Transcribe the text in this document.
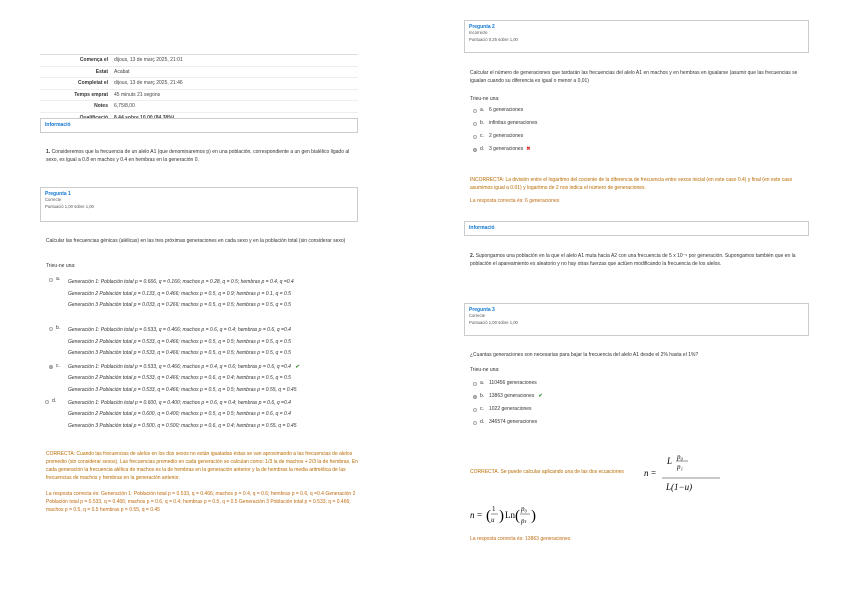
Comença el	dijous, 13 de març 2025, 21:01
Estat	Acabat
Completat el	dijous, 13 de març 2025, 21:46
Temps emprat	45 minuts 21 segons
Notes	6,75/8,00
Informació
1. Consideremos que la frecuencia de un alelo A1 (que denominaremos p) en una población, correspondiente a un gen bialélico ligado al sexo, es igual a 0.8 en machos y 0.4 en hembras en la generación 0.
Pregunta 1
Correcte
Puntuació 1,00 sobre 1,00
Calcular las frecuencias génicas (alélicas) en las tres próximas generaciones en cada sexo y en la población total (sin considerar sexo)
Trieu-ne una:
a.	Generación 1: Población total p = 0.666, q = 0.166; machos p = 0.28, q = 0.5; hembras p = 0.4, q =0.4
Generación 2 Población total p = 0.133, q = 0.466; machos p = 0.5, q = 0.9; hembras p = 0.1, q = 0.5
Generación 3 Población total p = 0.033, q = 0.266; machos p = 0.5, q = 0.5; hembras p = 0.5, q = 0.5
b.	Generación 1: Población total p = 0.533, q = 0.466; machos p = 0.6, q = 0.4; hembras p = 0.6, q =0.4
Generación 2 Población total p = 0.533, q = 0.466; machos p = 0.5, q = 0.5; hembras p = 0.5, q = 0.5
Generación 3 Población total p = 0.533, q = 0.466; machos p = 0.5, q = 0.5; hembras p = 0.5, q = 0.5
c.	Generación 1: Población total p = 0.533, q = 0.466; machos p = 0.4, q = 0.6; hembras p = 0.6, q =0.4 ✔
Generación 2 Población total p = 0.533, q = 0.466; machos p = 0.6, q = 0.4; hembras p = 0.5, q = 0.5
Generación 3 Población total p = 0.533, q = 0.466; machos p = 0.5, q = 0.5; hembras p = 0.55, q = 0.45
d.	Generación 1: Población total p = 0.600, q = 0.400; machos p = 0.6, q = 0.4; hembras p = 0.6, q =0.4
Generación 2 Población total p = 0.600, q = 0.400; machos p = 0.5, q = 0.5; hembras p = 0.6, q = 0.4
Generación 3 Población total p = 0.500, q = 0.500; machos p = 0.6, q = 0.4; hembras p = 0.55, q = 0.45
CORRECTA: Cuando las frecuencias de alelos en los dos sexos no están igualadas éstas se van aproximando a las frecuencias de alelos promedio (sin considerar sexos). Las frecuencias promedio en cada generación se calculan como: 1/3 la de machos + 2/3 la de hembras. En cada generación la frecuencia alélica de machos es la de hembras en la generación anterior y la de hembras la media aritmética de las frecuencias de machos y hembras en la generación anterior.
La resposta correcta és: Generación 1: Población total p = 0.533, q = 0.466; machos p = 0.4, q = 0.6; hembras p = 0.6, q =0.4 Generación 2 Población total p = 0.533, q = 0.466; machos p = 0.6, q = 0.4; hembras p = 0.5, q = 0.5 Generación 3 Población total p = 0.533, q = 0.466; machos p = 0.5, q = 0.5 hembras p = 0.55, q = 0.45
Pregunta 2
Incorrecte
Puntuació 0,25 sobre 1,00
Calcular el número de generaciones que tardarán las frecuencias del alelo A1 en machos y en hembras en igualarse (asumir que las frecuencias se igualan cuando su diferencia es igual o menor a 0,01)
Trieu-ne una:
a. 6 generaciones
b. infinitas generaciones
c.	2 generaciones
d. 3 generaciones ✖
INCORRECTA: La división entre el logaritmo del cociente de la diferencia de frecuencia entre sexos inicial (en este caso 0.4) y final (en este caso asumimos igual a 0.01) y logaritmo de 2 nos indica el número de generaciones.
La resposta correcta és: 6 generaciones
Informació
2. Supongamos una población en la que el alelo A1 muta hacia A2 con una frecuencia de 5 x 10⁻⁵ por generación. Supongamos también que en la población el apareamiento es aleatorio y no hay otras fuerzas que actúen modificando la frecuencia de los alelos.
Pregunta 3
Correcte
Puntuació 1,00 sobre 1,00
¿Cuantas generaciones son necesarias para bajar la frecuencia del alelo A1 desde el 2% hasta el 1%?
Trieu-ne una:
a. 110456 generaciones
b. 13863 generaciones ✔
c.	1022 generaciones
d. 346574 generaciones
CORRECTA. Se puede calcular aplicando una de las dos ecuaciones	n =
L p₀
p₁
L(1−u)
n = ( 1
u ) Ln ( p₀
pₜ )
La resposta correcta és: 13863 generaciones
